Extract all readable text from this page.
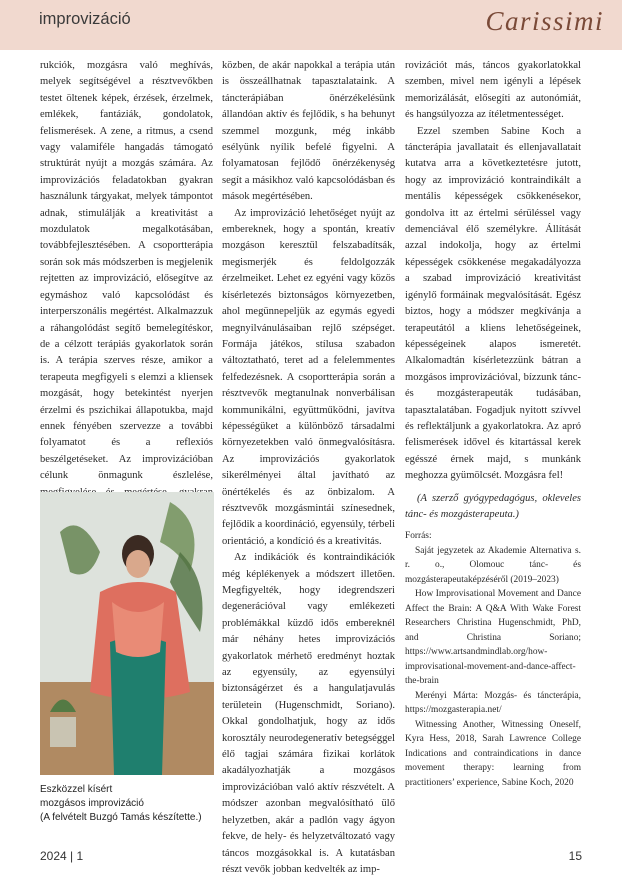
improvizáció	Carissimi

rukciók, mozgásra való meghívás, melyek segítségével a résztvevőkben testet öltenek képek, érzések, érzelmek, emlékek, fantáziák, gondolatok, felismerések. A zene, a ritmus, a csend vagy valamiféle hangadás támogató struktúrát nyújt a mozgás számára. Az improvizációs feladatokban gyakran használunk tárgyakat, melyek támpontot adnak, stimulálják a kreativitást a mozdulatok megalkotásában, továbbfejlesztésében. A csoportterápia során sok más módszerben is megjelenik rejtetten az improvizáció, elősegítve az egymáshoz való kapcsolódást és interperszonális megértést. Alkalmazzuk a ráhangolódást segítő bemelegítéskor, de a célzott terápiás gyakorlatok során is. A terápia szerves része, amikor a terapeuta megfigyeli s elemzi a kliensek mozgását, hogy betekintést nyerjen érzelmi és pszichikai állapotukba, majd ennek fényében szervezze a további folyamatot és a reflexiós beszélgetéseket. Az improvizációban célunk önmagunk észlelése,

Eszközzel kísért
mozgásos improvizáció
(A felvételt Buzgó Tamás készítette.)

közben, de akár napokkal a terápia után is összeállhatnak tapasztalataink. A táncterápiában önérzékelésünk állandóan aktív és fejlődik, s ha behunyt szemmel mozgunk, még inkább esélyünk nyílik befelé figyelni. A folyamatosan fejlődő önérzékenység segít a másikhoz való kapcsolódásban és mások megértésében.

Az improvizáció lehetőséget nyújt az embereknek, hogy a spontán, kreatív mozgáson keresztül felszabadítsák, megismerjék és feldolgozzák érzelmeiket. Lehet ez egyéni vagy közös kísérletezés biztonságos környezetben, ahol megünnepeljük az egymás egyedi megnyilvánulásaiban rejlő szépséget. Formája játékos, stílusa szabadon változtatható, teret ad a felelemmentes felfedezésnek. A csoportterápia során a résztvevők megtanulnak nonverbálisan kommunikálni, együttműködni, javítva képességüket a különböző társadalmi környezetekben való önmegvalósításra. Az improvizációs gyakorlatok sikerélményei által javítható az önértékelés és az önbizalom. A résztvevők mozgásmintái színesednek, fejlődik a koordináció, egyensúly, térbeli orientáció, a kondíció és a kreativitás.

Az indikációk és kontraindikációk még képlékenyek a módszert illetően. Megfigyelték, hogy idegrendszeri degenerációval vagy emlékezeti problémákkal küzdő idős embereknél már néhány hetes improvizációs gyakorlatok mérhető eredményt hoztak az egyensúly, az egyensúlyi biztonságérzet és a hangulatjavulás területein (Hugenschmidt, Soriano). Okkal gondolhatjuk, hogy az idős korosztály neurodegeneratív betegséggel élő tagjai számára fizikai korlátok akadályozhatják a mozgásos improvizációban való aktív részvételt. A módszer azonban megvalósítható ülő helyzetben, akár a padlón vagy ágyon fekve, de hely- és helyzetváltozató vagy táncos mozgásokkal is. A kutatásban részt vevők jobban kedvelték az imp-

rovizációt más, táncos gyakorlatokkal szemben, mivel nem igényli a lépések memorizálását, elősegíti az autonómiát, és hangsúlyozza az ítéletmentességet.

Ezzel szemben Sabine Koch a táncterápia javallatait és ellenjavallatait kutatva arra a következtetésre jutott, hogy az improvizáció kontraindikált a mentális képességek csökkenésekor, gondolva itt az értelmi sérüléssel vagy demenciával élő személykre. Állítását azzal indokolja, hogy az értelmi képességek csökkenése megakadályozza a szabad improvizáció kreativitást igénylő formáinak megvalósítását. Egész biztos, hogy a módszer megkívánja a terapeutától a kliens lehetőségeinek, képességeinek alapos ismeretét. Alkalomadtán kísérletezzünk bátran a mozgásos improvizációval, bízzunk tánc- és mozgásterapeuták tudásában, tapasztalatában. Fogadjuk nyitott szívvel és reflektáljunk a gyakorlatokra. Az apró felismerések idővel és kitartással kerek egésszé érnek majd, s munkánk meghozza gyümölcsét. Mozgásra fel!

(A szerző gyógypedagógus, okleveles tánc- és mozgásterapeuta.)

Forrás:

Saját jegyzetek az Akademie Alternativa s. r. o., Olomouc tánc- és mozgásterapeutaképzéséről (2019–2023)

How Improvisational Movement and Dance Affect the Brain: A Q&A With Wake Forest Researchers Christina Hugenschmidt, PhD, and Christina Soriano; https://www.artsandmindlab.org/how-improvisational-movement-and-dance-affect-the-brain

Merényi Márta: Mozgás- és táncterápia, https://mozgasterapia.net/

Witnessing Another, Witnessing Oneself, Kyra Hess, 2018, Sarah Lawrence College Indications and contraindications in dance movement therapy: learning from practitioners’ experience, Sabine Koch, 2020

2024 | 1	15
